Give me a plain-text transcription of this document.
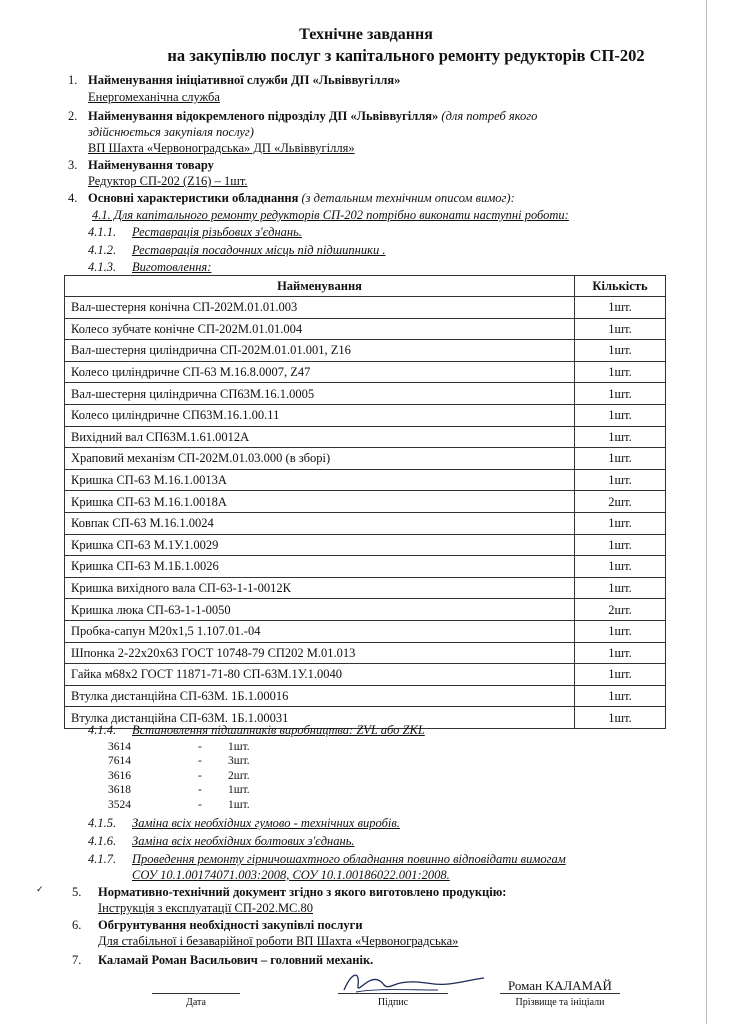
Технічне завдання
на закупівлю послуг з капітального ремонту редукторів СП-202
1. Найменування ініціативної служби ДП «Львіввугілля»
Енергомеханічна служба
2. Найменування відокремленого підрозділу ДП «Львіввугілля» (для потреб якого
здійснюється закупівля послуг)
ВП Шахта «Червоноградська» ДП «Львіввугілля»
3. Найменування товару
Редуктор СП-202 (Z16) – 1шт.
4. Основні характеристики обладнання (з детальним технічним описом вимог):
4.1. Для капітального ремонту редукторів СП-202 потрібно виконати наступні роботи:
4.1.1. Реставрація різьбових з'єднань.
4.1.2. Реставрація посадочних місць під підшипники .
4.1.3. Виготовлення:
Найменування	Кількість
Вал-шестерня конічна СП-202М.01.01.003	1шт.
Колесо зубчате конічне СП-202М.01.01.004	1шт.
Вал-шестерня циліндрична СП-202М.01.01.001, Z16	1шт.
Колесо циліндричне СП-63 М.16.8.0007, Z47	1шт.
Вал-шестерня циліндрична СП63М.16.1.0005	1шт.
Колесо циліндричне СП63М.16.1.00.11	1шт.
Вихідний вал СП63М.1.61.0012А	1шт.
Храповий механізм СП-202М.01.03.000 (в зборі)	1шт.
Кришка СП-63 М.16.1.0013А	1шт.
Кришка СП-63 М.16.1.0018А	2шт.
Ковпак СП-63 М.16.1.0024	1шт.
Кришка СП-63 М.1У.1.0029	1шт.
Кришка СП-63 М.1Б.1.0026	1шт.
Кришка вихідного вала СП-63-1-1-0012К	1шт.
Кришка люка СП-63-1-1-0050	2шт.
Пробка-сапун М20х1,5 1.107.01.-04	1шт.
Шпонка 2-22х20х63 ГОСТ 10748-79 СП202 М.01.013	1шт.
Гайка м68х2 ГОСТ 11871-71-80 СП-63М.1У.1.0040	1шт.
Втулка дистанційна СП-63М. 1Б.1.00016	1шт.
Втулка дистанційна СП-63М. 1Б.1.00031	1шт.
4.1.4. Встановлення підшипників виробництва: ZVL або ZKL
3614	- 1шт.
7614	- 3шт.
3616	- 2шт.
3618	- 1шт.
3524	- 1шт.
4.1.5. Заміна всіх необхідних гумово - технічних виробів.
4.1.6. Заміна всіх необхідних болтових з'єднань.
4.1.7. Проведення ремонту гірничошахтного обладнання повинно відповідати вимогам
СОУ 10.1.00174071.003:2008, СОУ 10.1.00186022.001:2008.
✓ 5. Нормативно-технічний документ згідно з якого виготовлено продукцію:
Інструкція з експлуатації СП-202.МС.80
6. Обгрунтування необхідності закупівлі послуги
Для стабільної і безаварійної роботи ВП Шахта «Червоноградська»
7. Каламай Роман Васильович – головний механік.
Дата	Підпис
Роман КАЛАМАЙ
Прізвище та ініціали
